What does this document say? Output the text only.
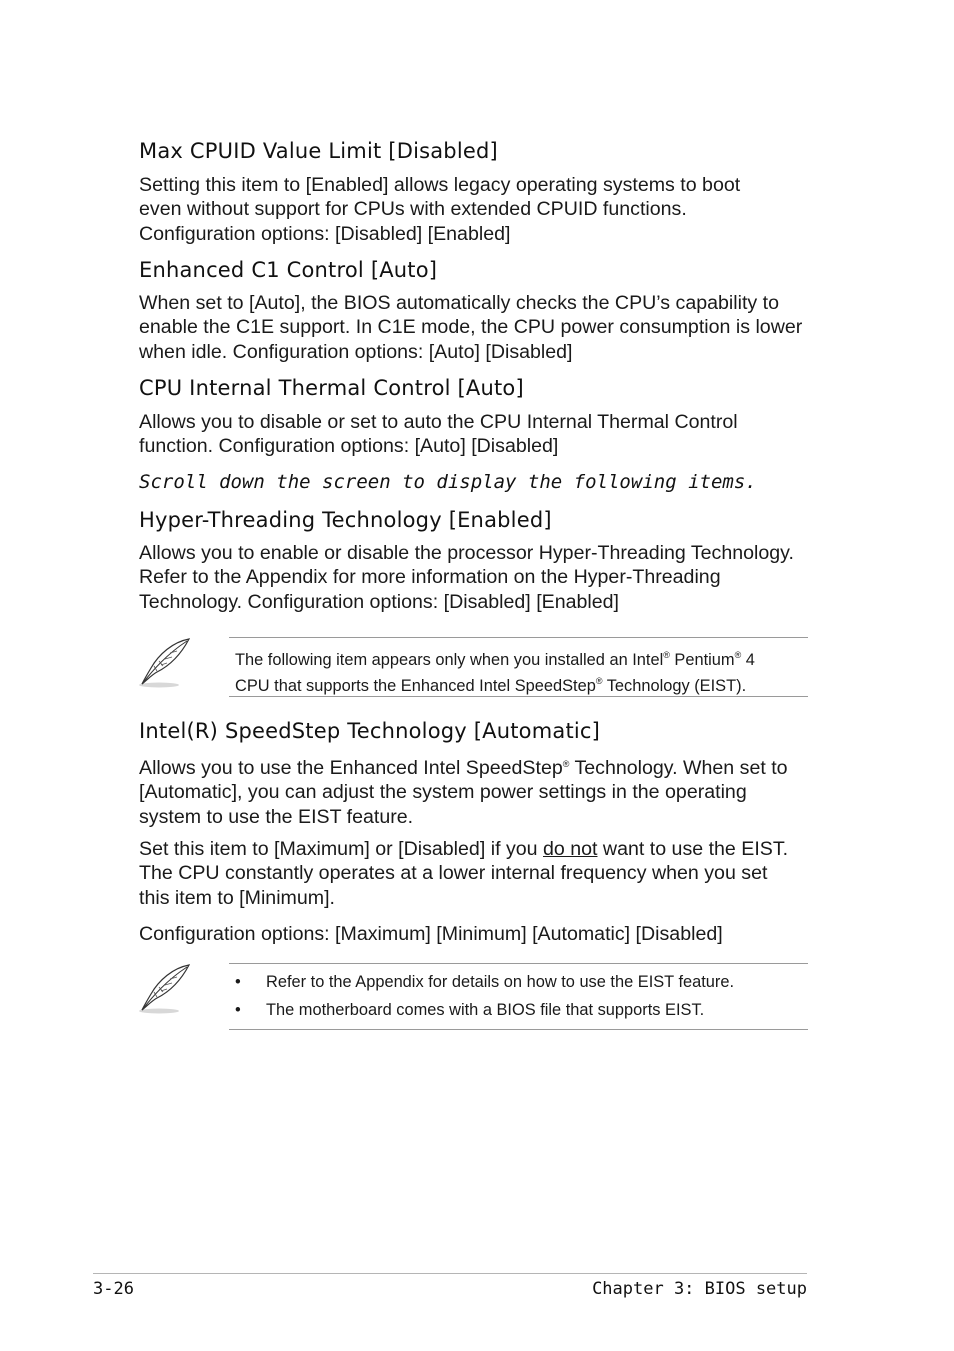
Max CPUID Value Limit [Disabled]
Setting this item to [Enabled] allows legacy operating systems to boot
even without support for CPUs with extended CPUID functions.
Configuration options: [Disabled] [Enabled]
Enhanced C1 Control [Auto]
When set to [Auto], the BIOS automatically checks the CPU’s capability to
enable the C1E support. In C1E mode, the CPU power consumption is lower
when idle. Configuration options: [Auto] [Disabled]
CPU Internal Thermal Control [Auto]
Allows you to disable or set to auto the CPU Internal Thermal Control
function. Configuration options: [Auto] [Disabled]

Scroll down the screen to display the following items.

Hyper-Threading Technology [Enabled]
Allows you to enable or disable the processor Hyper-Threading Technology.
Refer to the Appendix for more information on the Hyper-Threading
Technology. Configuration options: [Disabled] [Enabled]

The following item appears only when you installed an Intel® Pentium® 4
CPU that supports the Enhanced Intel SpeedStep® Technology (EIST).

Intel(R) SpeedStep Technology [Automatic]
Allows you to use the Enhanced Intel SpeedStep® Technology. When set to
[Automatic], you can adjust the system power settings in the operating
system to use the EIST feature.
Set this item to [Maximum] or [Disabled] if you do not want to use the EIST.
The CPU constantly operates at a lower internal frequency when you set
this item to [Minimum].
Configuration options: [Maximum] [Minimum] [Automatic] [Disabled]
• Refer to the Appendix for details on how to use the EIST feature.
• The motherboard comes with a BIOS file that supports EIST.
3-26	Chapter 3: BIOS setup
